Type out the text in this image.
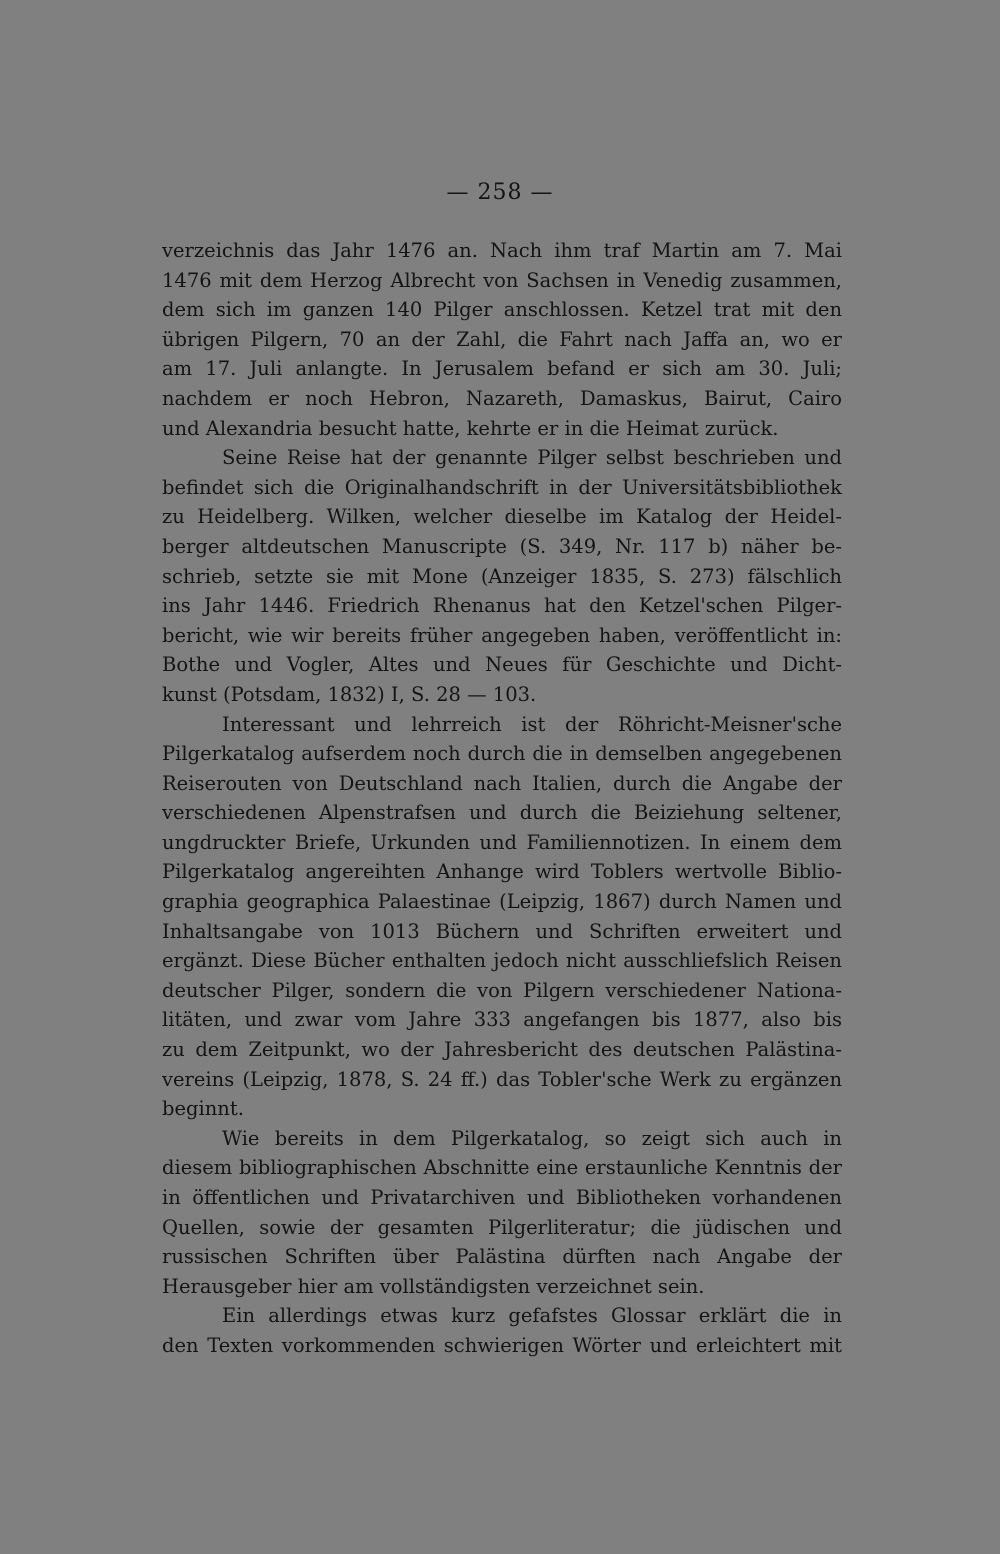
— 258 —
verzeichnis das Jahr 1476 an. Nach ihm traf Martin am 7. Mai
1476 mit dem Herzog Albrecht von Sachsen in Venedig zusammen,
dem sich im ganzen 140 Pilger anschlossen. Ketzel trat mit den
übrigen Pilgern, 70 an der Zahl, die Fahrt nach Jaffa an, wo er
am 17. Juli anlangte. In Jerusalem befand er sich am 30. Juli;
nachdem er noch Hebron, Nazareth, Damaskus, Bairut, Cairo
und Alexandria besucht hatte, kehrte er in die Heimat zurück.
Seine Reise hat der genannte Pilger selbst beschrieben und
befindet sich die Originalhandschrift in der Universitätsbibliothek
zu Heidelberg. Wilken, welcher dieselbe im Katalog der Heidel-
berger altdeutschen Manuscripte (S. 349, Nr. 117 b) näher be-
schrieb, setzte sie mit Mone (Anzeiger 1835, S. 273) fälschlich
ins Jahr 1446. Friedrich Rhenanus hat den Ketzel'schen Pilger-
bericht, wie wir bereits früher angegeben haben, veröffentlicht in:
Bothe und Vogler, Altes und Neues für Geschichte und Dicht-
kunst (Potsdam, 1832) I, S. 28 — 103.
Interessant und lehrreich ist der Röhricht-Meisner'sche
Pilgerkatalog aufserdem noch durch die in demselben angegebenen
Reiserouten von Deutschland nach Italien, durch die Angabe der
verschiedenen Alpenstrafsen und durch die Beiziehung seltener,
ungdruckter Briefe, Urkunden und Familiennotizen. In einem dem
Pilgerkatalog angereihten Anhange wird Toblers wertvolle Biblio-
graphia geographica Palaestinae (Leipzig, 1867) durch Namen und
Inhaltsangabe von 1013 Büchern und Schriften erweitert und
ergänzt. Diese Bücher enthalten jedoch nicht ausschliefslich Reisen
deutscher Pilger, sondern die von Pilgern verschiedener Nationa-
litäten, und zwar vom Jahre 333 angefangen bis 1877, also bis
zu dem Zeitpunkt, wo der Jahresbericht des deutschen Palästina-
vereins (Leipzig, 1878, S. 24 ff.) das Tobler'sche Werk zu ergänzen
beginnt.
Wie bereits in dem Pilgerkatalog, so zeigt sich auch in
diesem bibliographischen Abschnitte eine erstaunliche Kenntnis der
in öffentlichen und Privatarchiven und Bibliotheken vorhandenen
Quellen, sowie der gesamten Pilgerliteratur; die jüdischen und
russischen Schriften über Palästina dürften nach Angabe der
Herausgeber hier am vollständigsten verzeichnet sein.
Ein allerdings etwas kurz gefafstes Glossar erklärt die in
den Texten vorkommenden schwierigen Wörter und erleichtert mit
